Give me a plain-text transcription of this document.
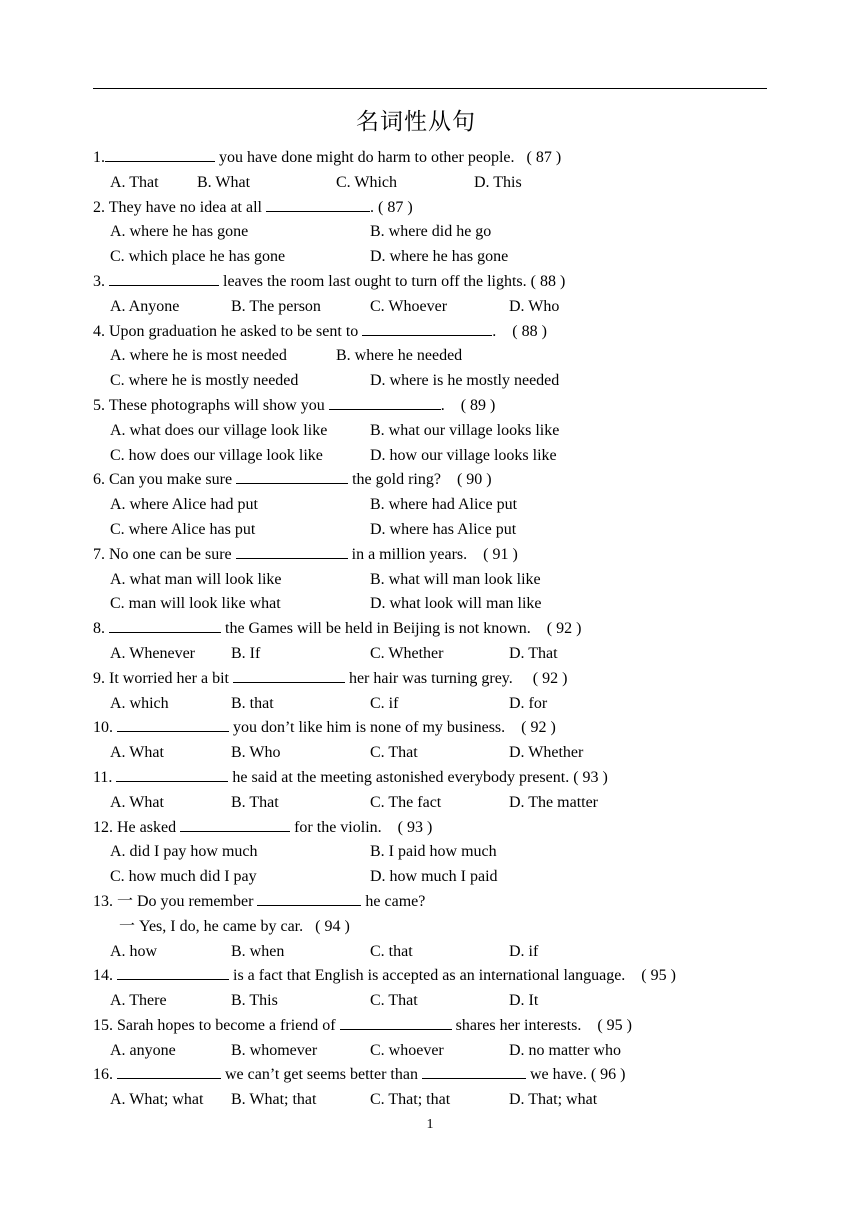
名词性从句
1.	you have done might do harm to other people. ( 87 )
A. That B. What	C. Which	D. This
2. They have no idea at all	. ( 87 )
A. where he has gone	B. where did he go
C. which place he has gone	D. where he has gone
3.	leaves the room last ought to turn off the lights. ( 88 )
A. Anyone	B. The person	C. Whoever	D. Who
4. Upon graduation he asked to be sent to	. ( 88 )
A. where he is most needed	B. where he needed
C. where he is mostly needed	D. where is he mostly needed
5. These photographs will show you	. ( 89 )
A. what does our village look like	B. what our village looks like
C. how does our village look like	D. how our village looks like
6. Can you make sure	the gold ring? ( 90 )
A. where Alice had put	B. where had Alice put
C. where Alice has put	D. where has Alice put
7. No one can be sure	in a million years. ( 91 )
A. what man will look like	B. what will man look like
C. man will look like what	D. what look will man like
8.	the Games will be held in Beijing is not known. ( 92 )
A. Whenever B. If	C. Whether	D. That
9. It worried her a bit	her hair was turning grey. ( 92 )
A. which	B. that	C. if	D. for
10.	you don’t like him is none of my business. ( 92 )
A. What	B. Who	C. That	D. Whether
11.	he said at the meeting astonished everybody present. ( 93 )
A. What	B. That	C. The fact	D. The matter
12. He asked	for the violin. ( 93 )
A. did I pay how much	B. I paid how much
C. how much did I pay	D. how much I paid
13. 一 Do you remember	he came?
一 Yes, I do, he came by car. ( 94 )
A. how	B. when	C. that	D. if
14.	is a fact that English is accepted as an international language. ( 95 )
A. There	B. This	C. That	D. It
15. Sarah hopes to become a friend of	shares her interests. ( 95 )
A. anyone	B. whomever	C. whoever	D. no matter who
16.	we can’t get seems better than	we have. ( 96 )
A. What; what B. What; that	C. That; that	D. That; what
1
